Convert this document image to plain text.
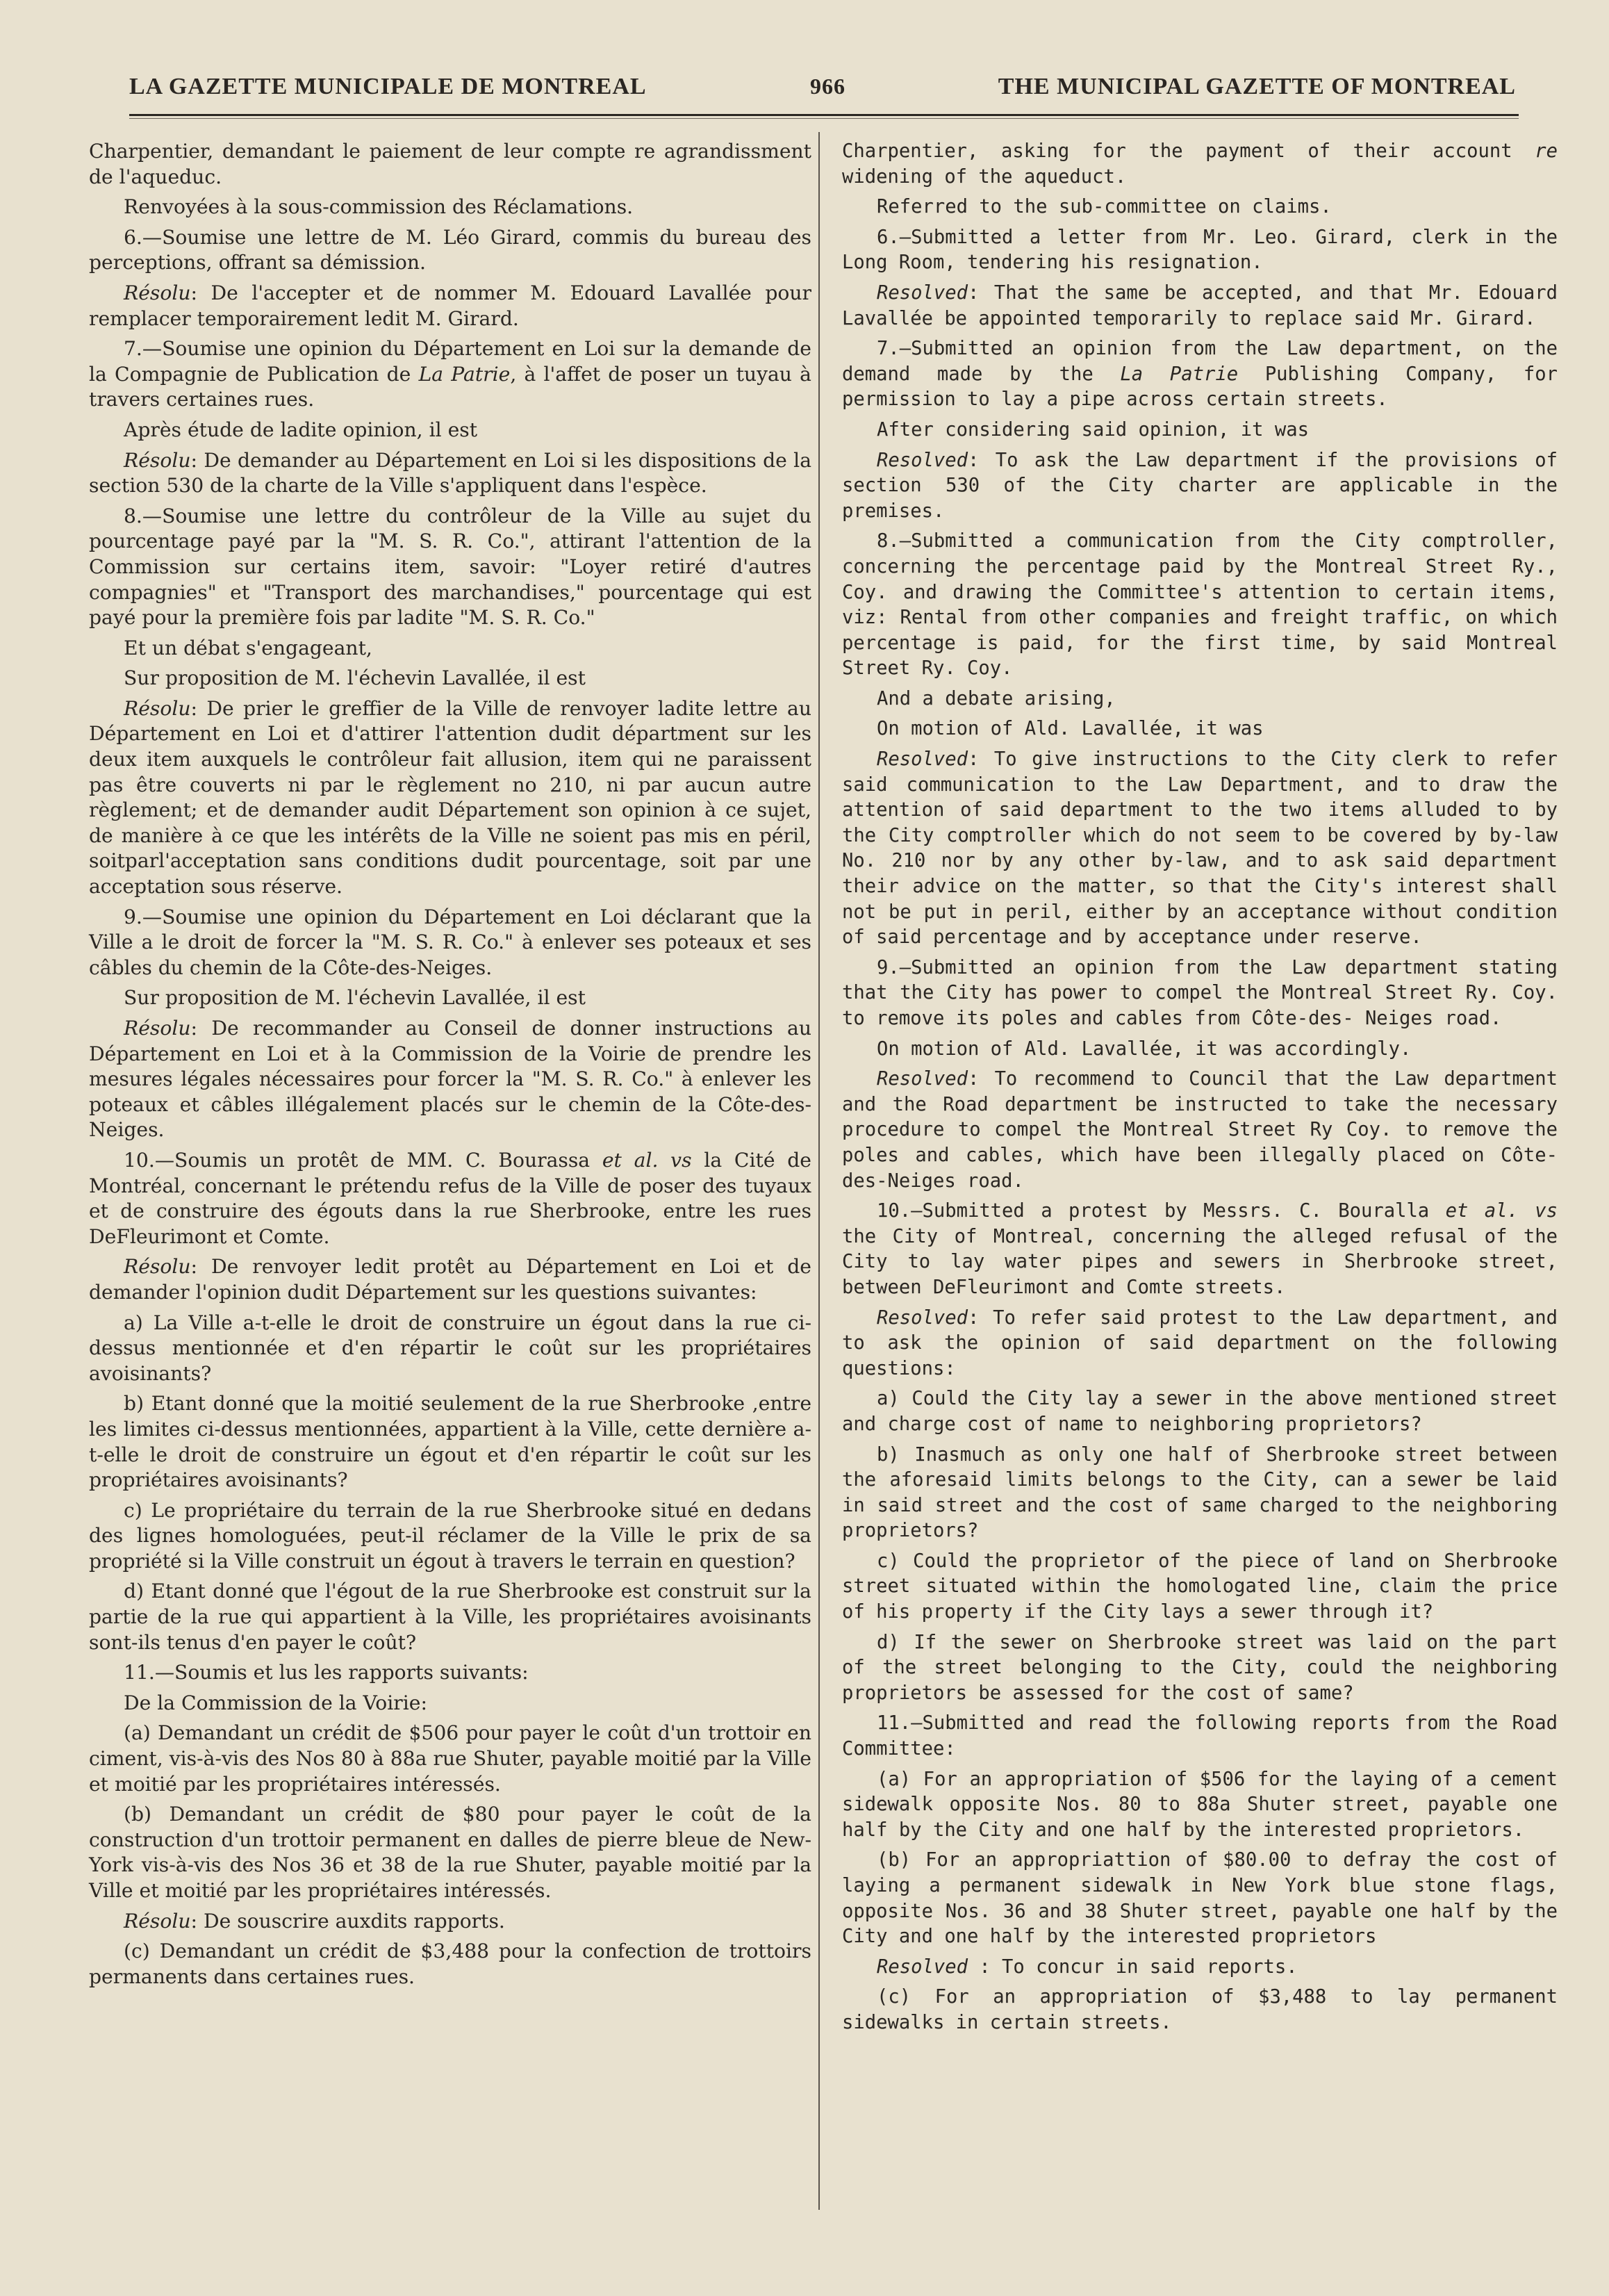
LA GAZETTE MUNICIPALE DE MONTREAL	966	THE MUNICIPAL GAZETTE OF MONTREAL

Charpentier, demandant le paiement de leur compte re agrandissment de l'aqueduc.

Renvoyées à la sous-commission des Réclamations.

6.—Soumise une lettre de M. Léo Girard, commis du bureau des perceptions, offrant sa démission.

Résolu: De l'accepter et de nommer M. Edouard Lavallée pour remplacer temporairement ledit M. Girard.

7.—Soumise une opinion du Département en Loi sur la demande de la Compagnie de Publication de La Patrie, à l'affet de poser un tuyau à travers certaines rues.

Après étude de ladite opinion, il est

Résolu: De demander au Département en Loi si les dispositions de la section 530 de la charte de la Ville s'appliquent dans l'espèce.

8.—Soumise une lettre du contrôleur de la Ville au sujet du pourcentage payé par la "M. S. R. Co.", attirant l'attention de la Commission sur certains item, savoir: "Loyer retiré d'autres compagnies" et "Transport des marchandises," pourcentage qui est payé pour la première fois par ladite "M. S. R. Co."

Et un débat s'engageant,

Sur proposition de M. l'échevin Lavallée, il est

Résolu: De prier le greffier de la Ville de renvoyer ladite lettre au Département en Loi et d'attirer l'attention dudit départment sur les deux item auxquels le contrôleur fait allusion, item qui ne paraissent pas être couverts ni par le règlement no 210, ni par aucun autre règlement; et de demander audit Département son opinion à ce sujet, de manière à ce que les intérêts de la Ville ne soient pas mis en péril, soitparl'acceptation sans conditions dudit pourcentage, soit par une acceptation sous réserve.

9.—Soumise une opinion du Département en Loi déclarant que la Ville a le droit de forcer la "M. S. R. Co." à enlever ses poteaux et ses câbles du chemin de la Côte-des-Neiges.

Sur proposition de M. l'échevin Lavallée, il est

Résolu: De recommander au Conseil de donner instructions au Département en Loi et à la Commission de la Voirie de prendre les mesures légales nécessaires pour forcer la "M. S. R. Co." à enlever les poteaux et câbles illégalement placés sur le chemin de la Côte-des-Neiges.

10.—Soumis un protêt de MM. C. Bourassa et al. vs la Cité de Montréal, concernant le prétendu refus de la Ville de poser des tuyaux et de construire des égouts dans la rue Sherbrooke, entre les rues DeFleurimont et Comte.

Résolu: De renvoyer ledit protêt au Département en Loi et de demander l'opinion dudit Département sur les questions suivantes:

a) La Ville a-t-elle le droit de construire un égout dans la rue ci-dessus mentionnée et d'en répartir le coût sur les propriétaires avoisinants?

b) Etant donné que la moitié seulement de la rue Sherbrooke ,entre les limites ci-dessus mentionnées, appartient à la Ville, cette dernière a-t-elle le droit de construire un égout et d'en répartir le coût sur les propriétaires avoisinants?

c) Le propriétaire du terrain de la rue Sherbrooke situé en dedans des lignes homologuées, peut-il réclamer de la Ville le prix de sa propriété si la Ville construit un égout à travers le terrain en question?

d) Etant donné que l'égout de la rue Sherbrooke est construit sur la partie de la rue qui appartient à la Ville, les propriétaires avoisinants sont-ils tenus d'en payer le coût?

11.—Soumis et lus les rapports suivants:

De la Commission de la Voirie:

(a) Demandant un crédit de $506 pour payer le coût d'un trottoir en ciment, vis-à-vis des Nos 80 à 88a rue Shuter, payable moitié par la Ville et moitié par les propriétaires intéressés.

(b) Demandant un crédit de $80 pour payer le coût de la construction d'un trottoir permanent en dalles de pierre bleue de New-York vis-à-vis des Nos 36 et 38 de la rue Shuter, payable moitié par la Ville et moitié par les propriétaires intéressés.

Résolu: De souscrire auxdits rapports.

(c) Demandant un crédit de $3,488 pour la confection de trottoirs permanents dans certaines rues.

Charpentier, asking for the payment of their account re widening of the aqueduct.

Referred to the sub-committee on claims.

6.—Submitted a letter from Mr. Leo. Girard, clerk in the Long Room, tendering his resignation.

Resolved: That the same be accepted, and that Mr. Edouard Lavallée be appointed temporarily to replace said Mr. Girard.

7.—Submitted an opinion from the Law department, on the demand made by the La Patrie Publishing Company, for permission to lay a pipe across certain streets.

After considering said opinion, it was

Resolved: To ask the Law department if the provisions of section 530 of the City charter are applicable in the premises.

8.—Submitted a communication from the City comptroller, concerning the percentage paid by the Montreal Street Ry., Coy. and drawing the Committee's attention to certain items, viz: Rental from other companies and freight traffic, on which percentage is paid, for the first time, by said Montreal Street Ry. Coy.

And a debate arising,

On motion of Ald. Lavallée, it was

Resolved: To give instructions to the City clerk to refer said communication to the Law Department, and to draw the attention of said department to the two items alluded to by the City comptroller which do not seem to be covered by by-law No. 210 nor by any other by-law, and to ask said department their advice on the matter, so that the City's interest shall not be put in peril, either by an acceptance without condition of said percentage and by acceptance under reserve.

9.—Submitted an opinion from the Law department stating that the City has power to compel the Montreal Street Ry. Coy. to remove its poles and cables from Côte-des- Neiges road.

On motion of Ald. Lavallée, it was accordingly.

Resolved: To recommend to Council that the Law department and the Road department be instructed to take the necessary procedure to compel the Montreal Street Ry Coy. to remove the poles and cables, which have been illegally placed on Côte-des-Neiges road.

10.—Submitted a protest by Messrs. C. Bouralla et al. vs the City of Montreal, concerning the alleged refusal of the City to lay water pipes and sewers in Sherbrooke street, between DeFleurimont and Comte streets.

Resolved: To refer said protest to the Law department, and to ask the opinion of said department on the following questions:

a) Could the City lay a sewer in the above mentioned street and charge cost of name to neighboring proprietors?

b) Inasmuch as only one half of Sherbrooke street between the aforesaid limits belongs to the City, can a sewer be laid in said street and the cost of same charged to the neighboring proprietors?

c) Could the proprietor of the piece of land on Sherbrooke street situated within the homologated line, claim the price of his property if the City lays a sewer through it?

d) If the sewer on Sherbrooke street was laid on the part of the street belonging to the City, could the neighboring proprietors be assessed for the cost of same?

11.—Submitted and read the following reports from the Road Committee:

(a) For an appropriation of $506 for the laying of a cement sidewalk opposite Nos. 80 to 88a Shuter street, payable one half by the City and one half by the interested proprietors.

(b) For an appropriattion of $80.00 to defray the cost of laying a permanent sidewalk in New York blue stone flags, opposite Nos. 36 and 38 Shuter street, payable one half by the City and one half by the interested proprietors

Resolved : To concur in said reports.

(c) For an appropriation of $3,488 to lay permanent sidewalks in certain streets.
